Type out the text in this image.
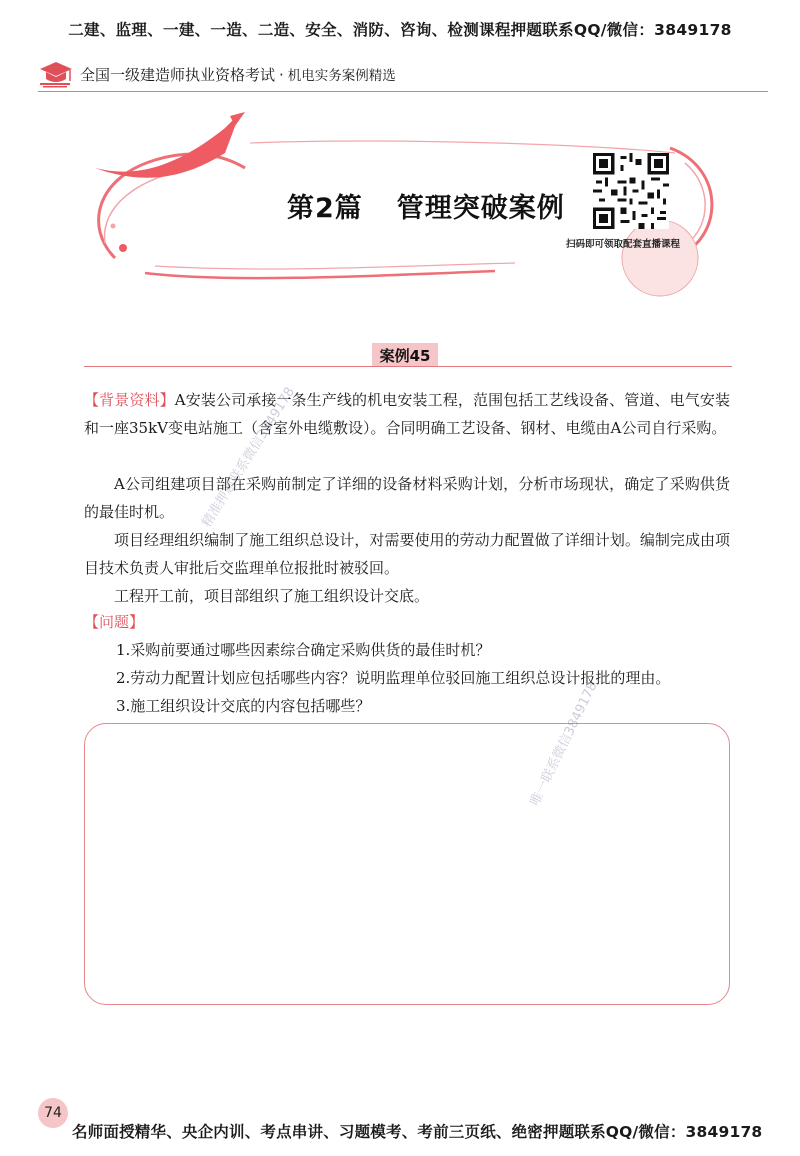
二建、监理、一建、一造、二造、安全、消防、咨询、检测课程押题联系QQ/微信：3849178
全国一级建造师执业资格考试 · 机电实务案例精选
第2篇 管理突破案例
扫码即可领取配套直播课程
案例45
【背景资料】A安装公司承接一条生产线的机电安装工程，范围包括工艺线设备、管道、电气安装和一座35kV变电站施工（含室外电缆敷设）。合同明确工艺设备、钢材、电缆由A公司自行采购。
A公司组建项目部在采购前制定了详细的设备材料采购计划，分析市场现状，确定了采购供货的最佳时机。
项目经理组织编制了施工组织总设计，对需要使用的劳动力配置做了详细计划。编制完成由项目技术负责人审批后交监理单位报批时被驳回。
工程开工前，项目部组织了施工组织设计交底。
【问题】
1.采购前要通过哪些因素综合确定采购供货的最佳时机？
2.劳动力配置计划应包括哪些内容？说明监理单位驳回施工组织总设计报批的理由。
3.施工组织设计交底的内容包括哪些？
精准押题联系微信3849178
唯一联系微信3849178
74
名师面授精华、央企内训、考点串讲、习题模考、考前三页纸、绝密押题联系QQ/微信：3849178
